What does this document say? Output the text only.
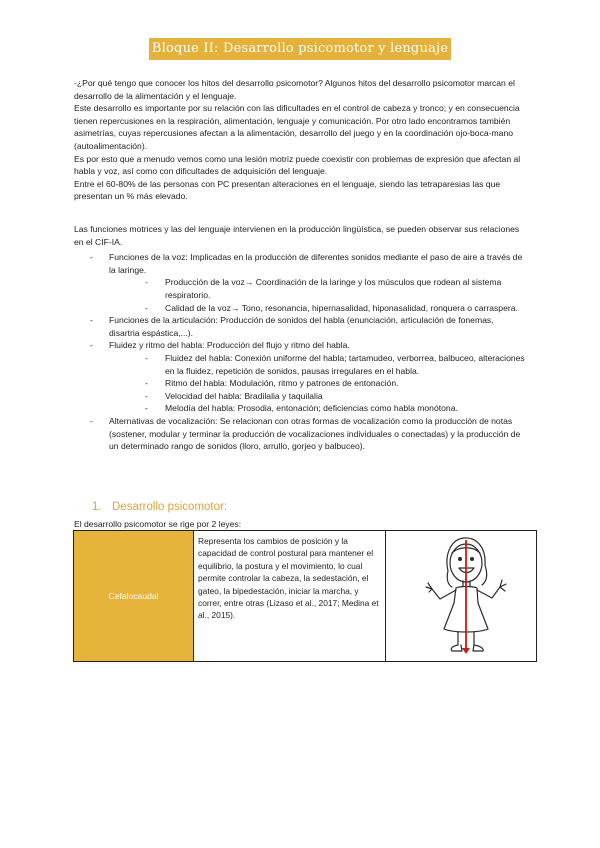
Bloque II: Desarrollo psicomotor y lenguaje

-¿Por qué tengo que conocer los hitos del desarrollo psicomotor? Algunos hitos del desarrollo psicomotor marcan el desarrollo de la alimentación y el lenguaje.

Este desarrollo es importante por su relación con las dificultades en el control de cabeza y tronco; y en consecuencia tienen repercusiones en la respiración, alimentación, lenguaje y comunicación. Por otro lado encontramos también asimetrías, cuyas repercusiones afectan a la alimentación, desarrollo del juego y en la coordinación ojo-boca-mano (autoalimentación).

Es por esto que a menudo vemos como una lesión motriz puede coexistir con problemas de expresión que afectan al habla y voz, así como con dificultades de adquisición del lenguaje.

Entre el 60-80% de las personas con PC presentan alteraciones en el lenguaje, siendo las tetraparesias las que presentan un % más elevado.

Las funciones motrices y las del lenguaje intervienen en la producción lingüística, se pueden observar sus relaciones en el CIF-IA.

- Funciones de la voz: Implicadas en la producción de diferentes sonidos mediante el paso de aire a través de la laringe.
- Producción de la voz→ Coordinación de la laringe y los músculos que rodean al sistema respiratorio.
- Calidad de la voz→ Tono, resonancia, hipernasalidad, hiponasalidad, ronquera o carraspera.
- Funciones de la articulación: Producción de sonidos del habla (enunciación, articulación de fonemas, disartria espástica,...).
- Fluidez y ritmo del habla: Producción del flujo y ritmo del habla.
- Fluidez del habla: Conexión uniforme del habla; tartamudeo, verborrea, balbuceo, alteraciones en la fluidez, repetición de sonidos, pausas irregulares en el habla.
- Ritmo del habla: Modulación, ritmo y patrones de entonación.
- Velocidad del habla: Bradilalia y taquilalia
- Melodía del habla: Prosodia, entonación; deficiencias como habla monótona.
- Alternativas de vocalización: Se relacionan con otras formas de vocalización como la producción de notas (sostener, modular y terminar la producción de vocalizaciones individuales o conectadas) y la producción de un determinado rango de sonidos (lloro, arrullo, gorjeo y balbuceo).
1. Desarrollo psicomotor:
El desarrollo psicomotor se rige por 2 leyes:
Cefalocaudal	Representa los cambios de posición y la capacidad de control postural para mantener el equilibrio, la postura y el movimiento, lo cual permite controlar la cabeza, la sedestación, el gateo, la bipedestación, iniciar la marcha, y correr, entre otras (Lizaso et al., 2017; Medina et al., 2015).	
